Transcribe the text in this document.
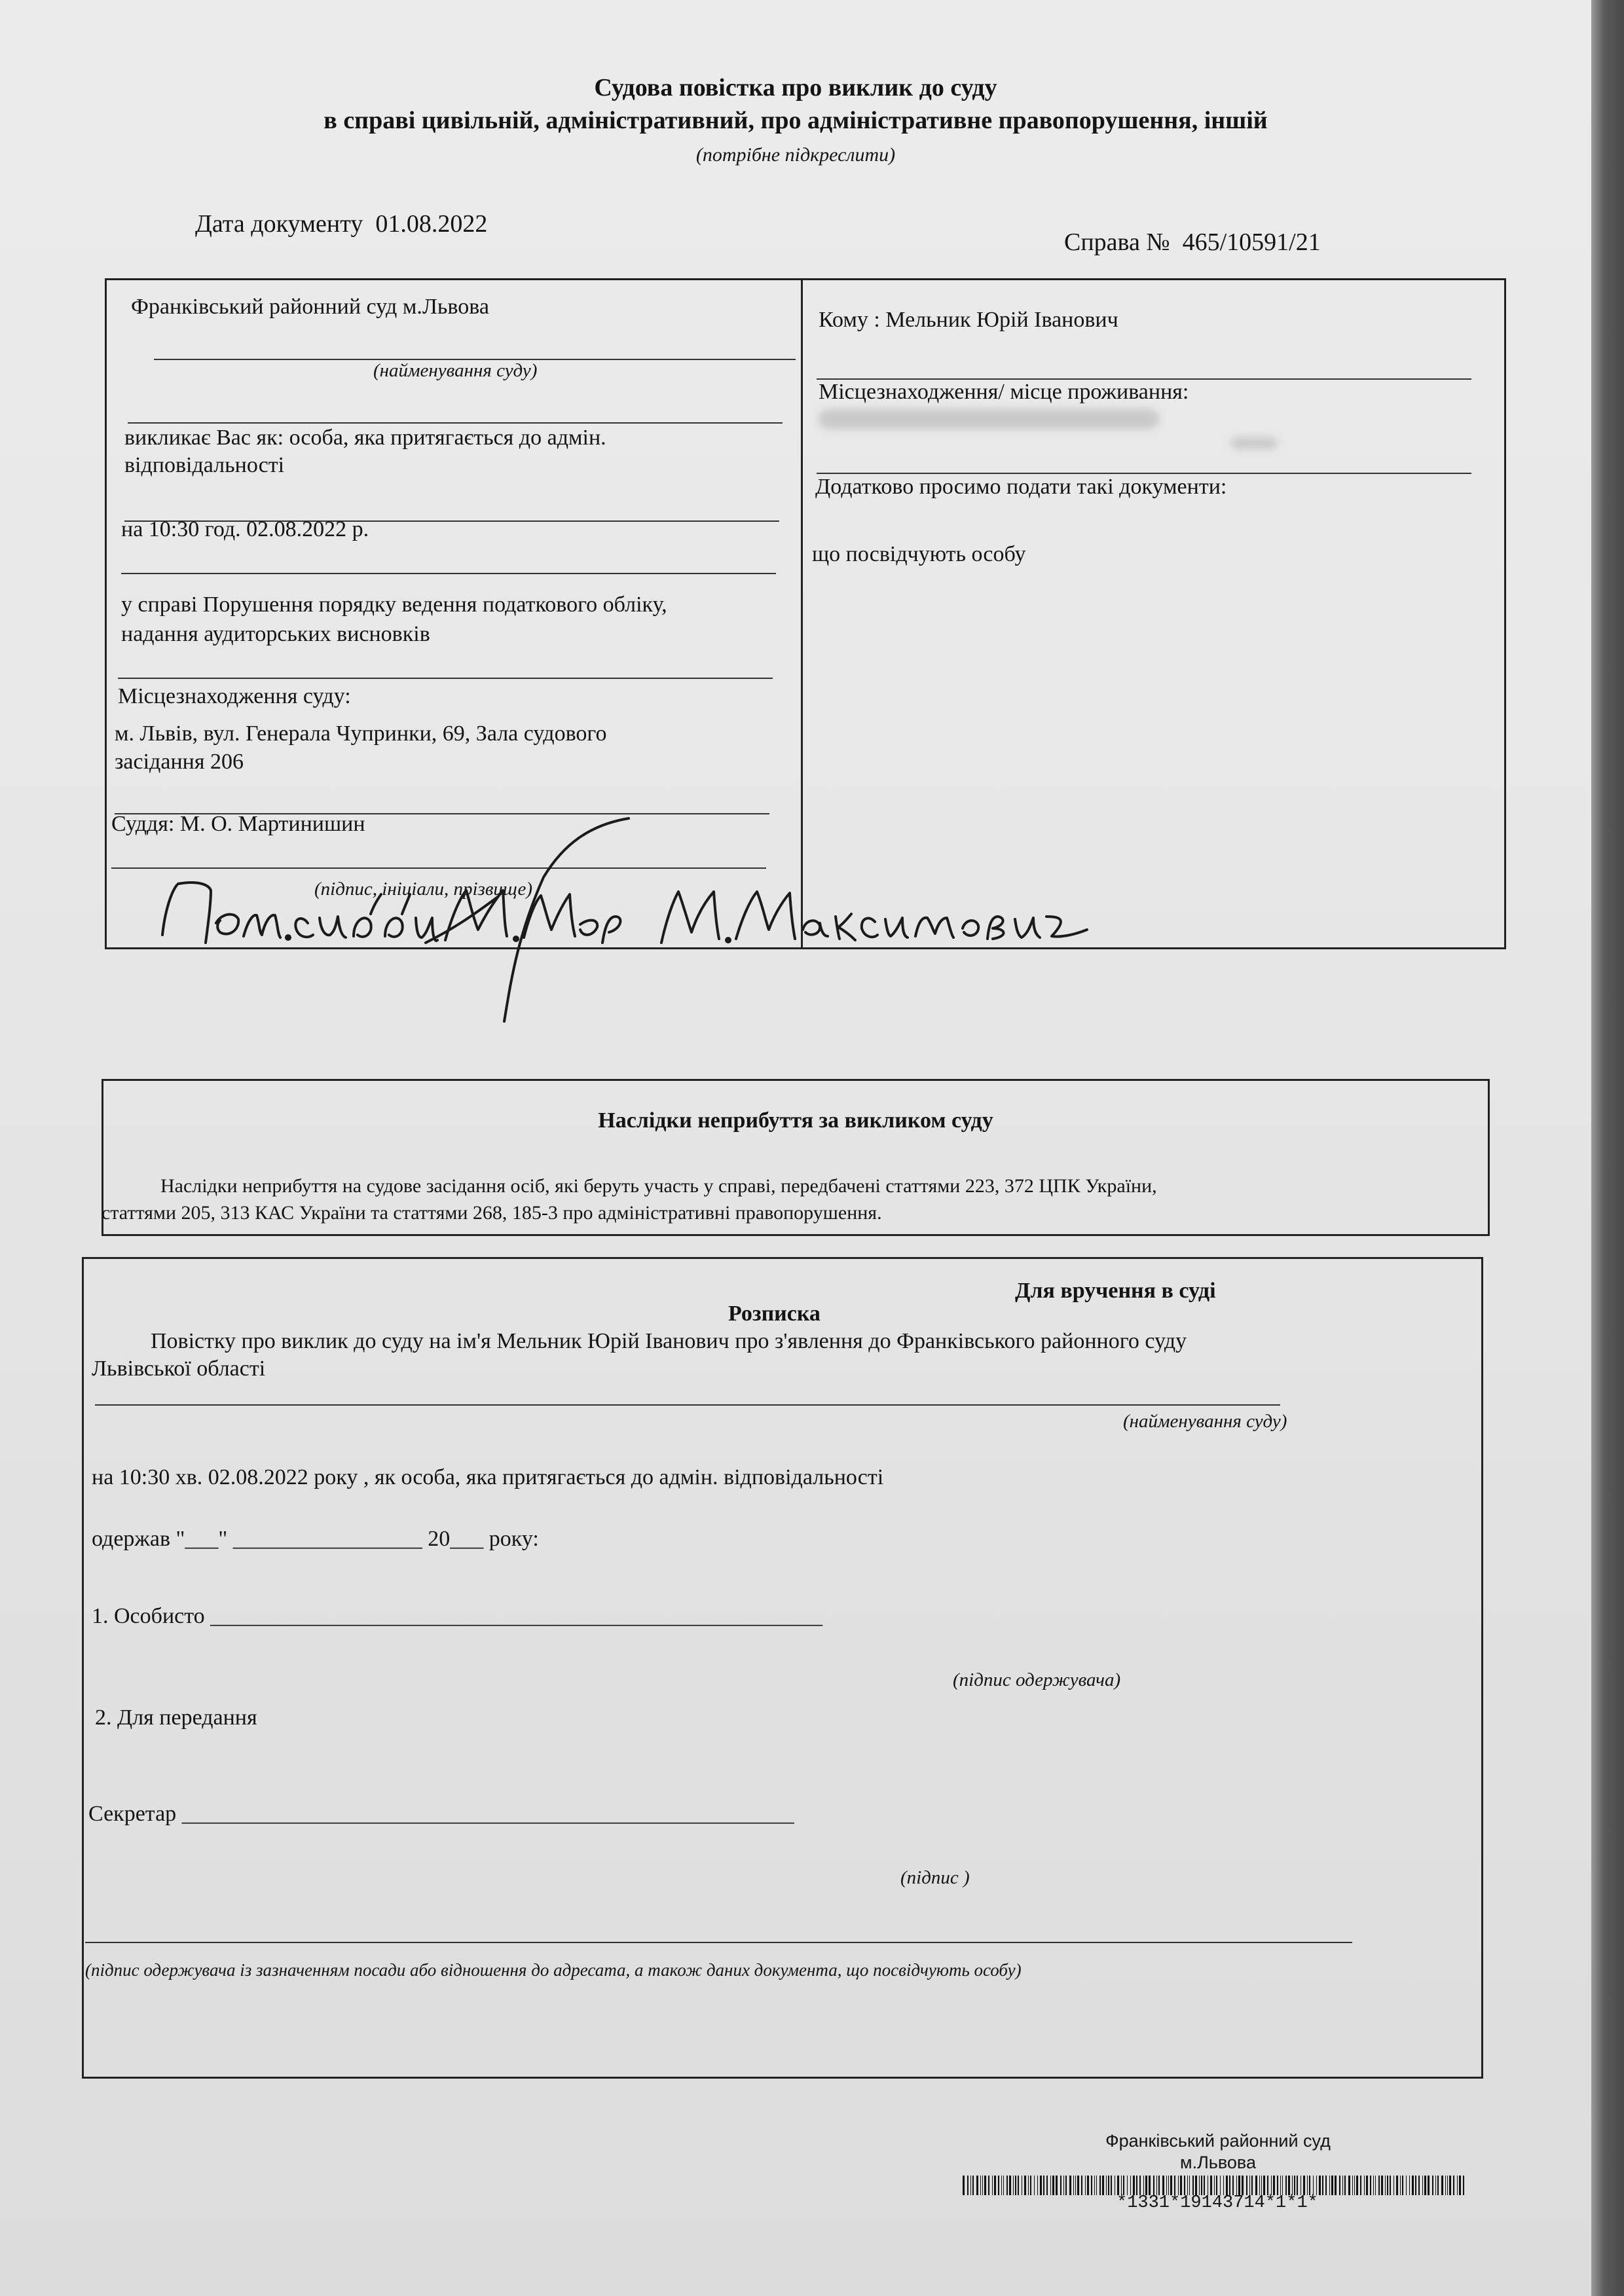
Судова повістка про виклик до суду
в справі цивільній, адміністративний, про адміністративне правопорушення, іншій
(потрібне підкреслити)
Дата документу 01.08.2022
Справа № 465/10591/21
Франківський районний суд м.Львова
(найменування суду)
викликає Вас як: особа, яка притягається до адмін.
відповідальності
на 10:30 год. 02.08.2022 р.
у справі Порушення порядку ведення податкового обліку,
надання аудиторських висновків
Місцезнаходження суду:
м. Львів, вул. Генерала Чупринки, 69, Зала судового
засідання 206
Суддя: М. О. Мартинишин
(підпис, ініціали, прізвище)
Кому : Мельник Юрій Іванович
Місцезнаходження/ місце проживання:
Додатково просимо подати такі документи:
що посвідчують особу
Наслідки неприбуття за викликом суду
Наслідки неприбуття на судове засідання осіб, які беруть участь у справі, передбачені статтями 223, 372 ЦПК України,
статтями 205, 313 КАС України та статтями 268, 185-3 про адміністративні правопорушення.
Для вручення в суді
Розписка
Повістку про виклик до суду на ім'я Мельник Юрій Іванович про з'явлення до Франківського районного суду
Львівської області
(найменування суду)
на 10:30 хв. 02.08.2022 року , як особа, яка притягається до адмін. відповідальності
одержав "___" _________________ 20___ року:
1. Особисто _______________________________________________________
(підпис одержувача)
2. Для передання
Секретар _______________________________________________________
(підпис )
(підпис одержувача із зазначенням посади або відношення до адресата, а також даних документа, що посвідчують особу)
Франківський районний суд
м.Львова
*1331*19143714*1*1*
